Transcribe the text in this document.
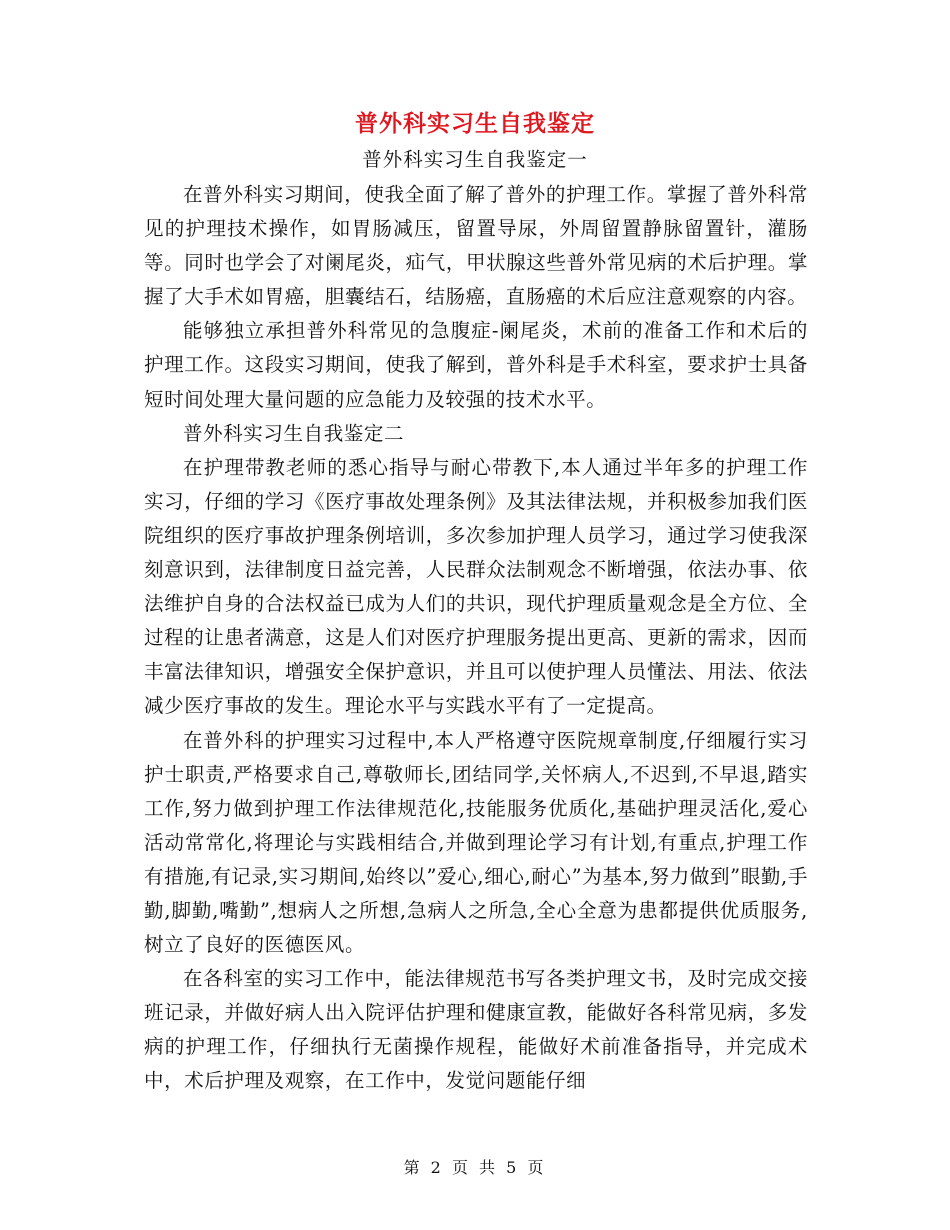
普外科实习生自我鉴定
普外科实习生自我鉴定一

在普外科实习期间，使我全面了解了普外的护理工作。掌握了普外科常见的护理技术操作，如胃肠减压，留置导尿，外周留置静脉留置针，灌肠等。同时也学会了对阑尾炎，疝气，甲状腺这些普外常见病的术后护理。掌握了大手术如胃癌，胆囊结石，结肠癌，直肠癌的术后应注意观察的内容。

能够独立承担普外科常见的急腹症-阑尾炎，术前的准备工作和术后的护理工作。这段实习期间，使我了解到，普外科是手术科室，要求护士具备短时间处理大量问题的应急能力及较强的技术水平。

普外科实习生自我鉴定二

在护理带教老师的悉心指导与耐心带教下,本人通过半年多的护理工作实习，仔细的学习《医疗事故处理条例》及其法律法规，并积极参加我们医院组织的医疗事故护理条例培训，多次参加护理人员学习，通过学习使我深刻意识到，法律制度日益完善，人民群众法制观念不断增强，依法办事、依法维护自身的合法权益已成为人们的共识，现代护理质量观念是全方位、全过程的让患者满意，这是人们对医疗护理服务提出更高、更新的需求，因而丰富法律知识，增强安全保护意识，并且可以使护理人员懂法、用法、依法减少医疗事故的发生。理论水平与实践水平有了一定提高。

在普外科的护理实习过程中,本人严格遵守医院规章制度,仔细履行实习护士职责,严格要求自己,尊敬师长,团结同学,关怀病人,不迟到,不早退,踏实工作,努力做到护理工作法律规范化,技能服务优质化,基础护理灵活化,爱心活动常常化,将理论与实践相结合,并做到理论学习有计划,有重点,护理工作有措施,有记录,实习期间,始终以”爱心,细心,耐心”为基本,努力做到”眼勤,手勤,脚勤,嘴勤”,想病人之所想,急病人之所急,全心全意为患都提供优质服务,树立了良好的医德医风。

在各科室的实习工作中，能法律规范书写各类护理文书，及时完成交接班记录，并做好病人出入院评估护理和健康宣教，能做好各科常见病，多发病的护理工作，仔细执行无菌操作规程，能做好术前准备指导，并完成术中，术后护理及观察，在工作中，发觉问题能仔细

第 2 页 共 5 页
